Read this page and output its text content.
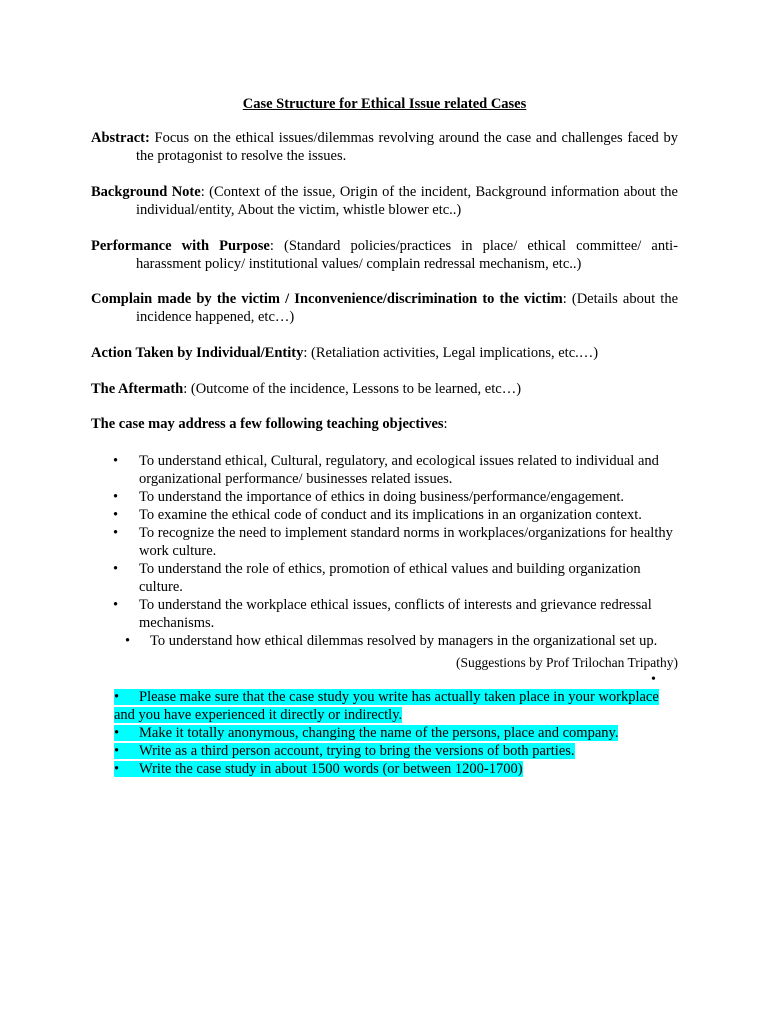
Case Structure for Ethical Issue related Cases
Abstract: Focus on the ethical issues/dilemmas revolving around the case and challenges faced by the protagonist to resolve the issues.
Background Note: (Context of the issue, Origin of the incident, Background information about the individual/entity, About the victim, whistle blower etc..)
Performance with Purpose: (Standard policies/practices in place/ ethical committee/ anti-harassment policy/ institutional values/ complain redressal mechanism, etc..)
Complain made by the victim / Inconvenience/discrimination to the victim: (Details about the incidence happened, etc…)
Action Taken by Individual/Entity: (Retaliation activities, Legal implications, etc.…)
The Aftermath: (Outcome of the incidence, Lessons to be learned, etc…)
The case may address a few following teaching objectives:
• To understand ethical, Cultural, regulatory, and ecological issues related to individual and organizational performance/ businesses related issues.
• To understand the importance of ethics in doing business/performance/engagement.
• To examine the ethical code of conduct and its implications in an organization context.
• To recognize the need to implement standard norms in workplaces/organizations for healthy work culture.
• To understand the role of ethics, promotion of ethical values and building organization culture.
• To understand the workplace ethical issues, conflicts of interests and grievance redressal mechanisms.
• To understand how ethical dilemmas resolved by managers in the organizational set up.
(Suggestions by Prof Trilochan Tripathy)
•
• Please make sure that the case study you write has actually taken place in your workplace and you have experienced it directly or indirectly.
• Make it totally anonymous, changing the name of the persons, place and company.
• Write as a third person account, trying to bring the versions of both parties.
• Write the case study in about 1500 words (or between 1200-1700)
